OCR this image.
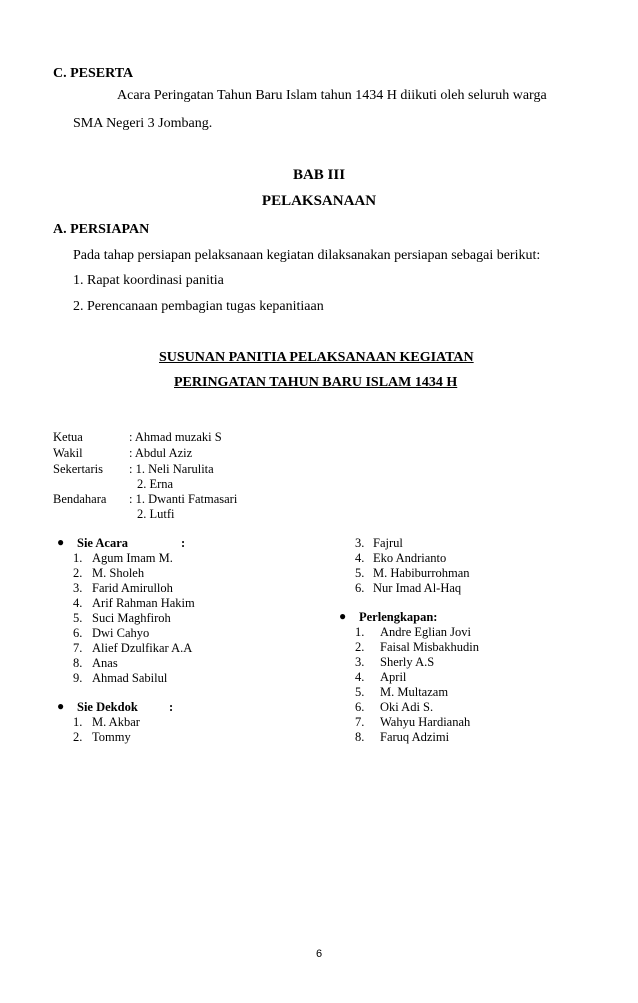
C. PESERTA
Acara Peringatan Tahun Baru Islam tahun 1434 H diikuti oleh seluruh warga
SMA Negeri 3 Jombang.
BAB III
PELAKSANAAN
A. PERSIAPAN
Pada tahap persiapan pelaksanaan kegiatan dilaksanakan persiapan sebagai berikut:
1. Rapat koordinasi panitia
2. Perencanaan pembagian tugas kepanitiaan
SUSUNAN PANITIA PELAKSANAAN KEGIATAN
PERINGATAN TAHUN BARU ISLAM 1434 H
Ketua	: Ahmad muzaki S
Wakil	: Abdul Aziz
Sekertaris : 1. Neli Narulita
2. Erna
Bendahara : 1. Dwanti Fatmasari
2. Lutfi
● Sie Acara	:
1. Agum Imam M.
2. M. Sholeh
3. Farid Amirulloh
4. Arif Rahman Hakim
5. Suci Maghfiroh
6. Dwi Cahyo
7. Alief Dzulfikar A.A
8. Anas
9. Ahmad Sabilul
● Sie Dekdok :
1. M. Akbar
2. Tommy
3. Fajrul
4. Eko Andrianto
5. M. Habiburrohman
6. Nur Imad Al-Haq
● Perlengkapan:
1. Andre Eglian Jovi
2. Faisal Misbakhudin
3. Sherly A.S
4. April
5. M. Multazam
6. Oki Adi S.
7. Wahyu Hardianah
8. Faruq Adzimi
6
